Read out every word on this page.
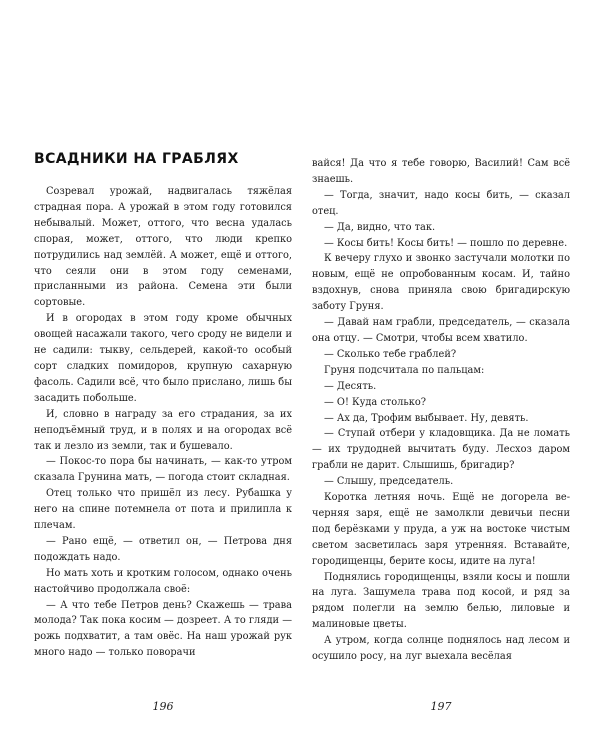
ВСАДНИКИ НА ГРАБЛЯХ

Созревал урожай, надвигалась тяжёлая страдная пора. А урожай в этом году готовился небывалый. Может, оттого, что весна удалась споpая, может, оттого, что люди крепко потрудились над землёй. А может, ещё и оттого, что сеяли они в этом году семенами, присланными из района. Семена эти были сортовые.

И в огородах в этом году кроме обычных овощей насажали такого, чего сроду не видели и не садили: тыкву, сельдерей, какой-то особый сорт сладких помидоров, крупную сахарную фасоль. Садили всё, что было прислано, лишь бы засадить побольше.

И, словно в награду за его страдания, за их неподъёмный труд, и в полях и на огородах всё так и лезло из земли, так и бушевало.

— Покос-то пора бы начинать, — как-то утром сказала Грунина мать, — погода стоит складная.

Отец только что пришёл из лесу. Рубашка у него на спине потемнела от пота и прилипла к плечам.

— Рано ещё, — ответил он, — Петрова дня подождать надо.

Но мать хоть и кротким голосом, однако очень настойчиво продолжала своё:

— А что тебе Петров день? Скажешь — трава молода? Так пока косим — дозреет. А то гляди — рожь подхватит, а там овёс. На наш урожай рук много надо — только поворачи

196

вайся! Да что я тебе говорю, Василий! Сам всё знаешь.

— Тогда, значит, надо косы бить, — сказал отец.

— Да, видно, что так.

— Косы бить! Косы бить! — пошло по деревне.

К вечеру глухо и звонко застучали молотки по новым, ещё не опробованным косам. И, тайно вздохнув, снова приняла свою бригадирскую заботу Груня.

— Давай нам грабли, председатель, — сказала она отцу. — Смотри, чтобы всем хватило.

— Сколько тебе граблей?

Груня подсчитала по пальцам:

— Десять.

— О! Куда столько?

— Ах да, Трофим выбывает. Ну, девять.

— Ступай отбери у кладовщика. Да не ломать — их трудодней вычитать буду. Лесхоз даром грабли не дарит. Слышишь, бригадир?

— Слышу, председатель.

Коротка летняя ночь. Ещё не догорела вечерняя заря, ещё не замолкли девичьи песни под берёзками у пруда, а уж на востоке чистым светом засветилась заря утренняя. Вставайте, городищенцы, берите косы, идите на луга!

Поднялись городищенцы, взяли косы и пошли на луга. Зашумела трава под косой, и ряд за рядом полегли на землю белью, лиловые и малиновые цветы.

А утром, когда солнце поднялось над лесом и осушило росу, на луг выехала весёлая

197
